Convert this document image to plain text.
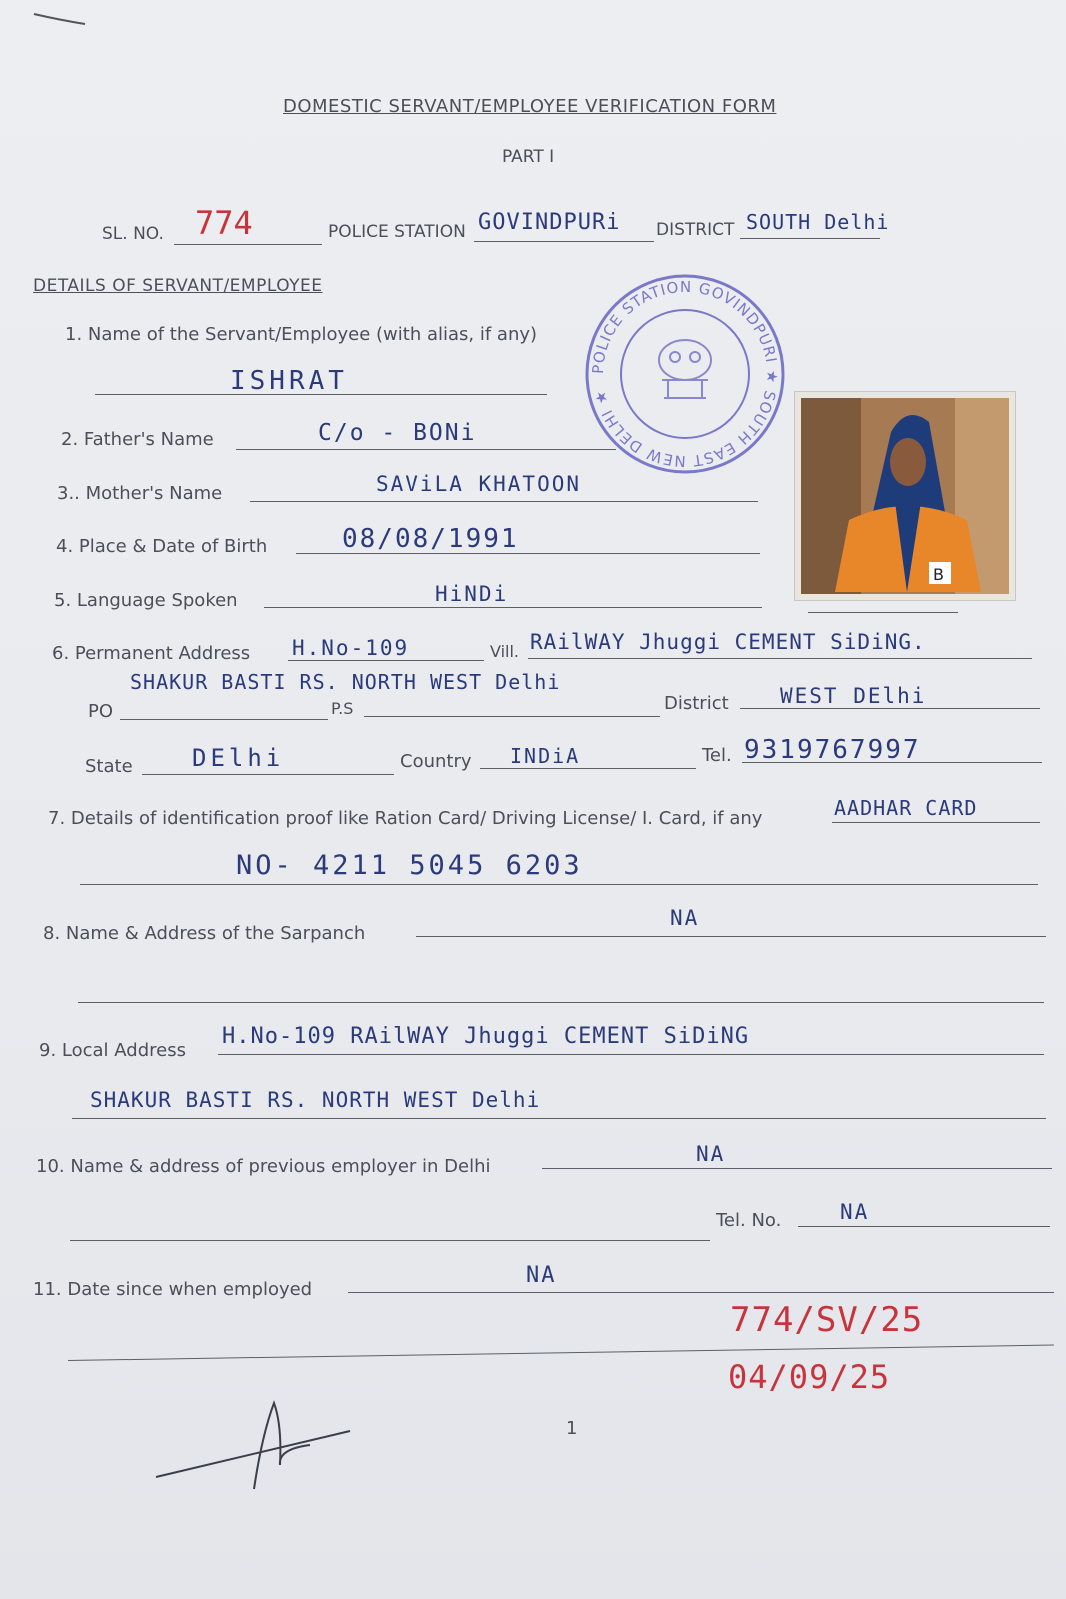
DOMESTIC SERVANT/EMPLOYEE VERIFICATION FORM
PART I
SL. NO. 774	POLICE STATION GOVINDPURi DISTRICT SOUTH Delhi
DETAILS OF SERVANT/EMPLOYEE
POLICE STATION GOVINDPURI ★ SOUTH EAST NEW DELHI ★
B
1. Name of the Servant/Employee (with alias, if any)
ISHRAT
2. Father's Name	C/o - BONi
3.. Mother's Name	SAViLA KHATOON
4. Place & Date of Birth	08/08/1991
5. Language Spoken	HiNDi
6. Permanent Address H.No-109	Vill. RAilWAY Jhuggi CEMENT SiDiNG.
SHAKUR BASTI RS. NORTH WEST Delhi
PO	P.S	District WEST DElhi
State DElhi	Country INDiA	Tel. 9319767997
7. Details of identification proof like Ration Card/ Driving License/ I. Card, if any	AADHAR CARD
NO- 4211 5045 6203
8. Name & Address of the Sarpanch
NA
9. Local Address
H.No-109 RAilWAY Jhuggi CEMENT SiDiNG
SHAKUR BASTI RS. NORTH WEST Delhi
10. Name & address of previous employer in Delhi
NA
Tel. No.	NA
11. Date since when employed
NA
774/SV/25
04/09/25
1
